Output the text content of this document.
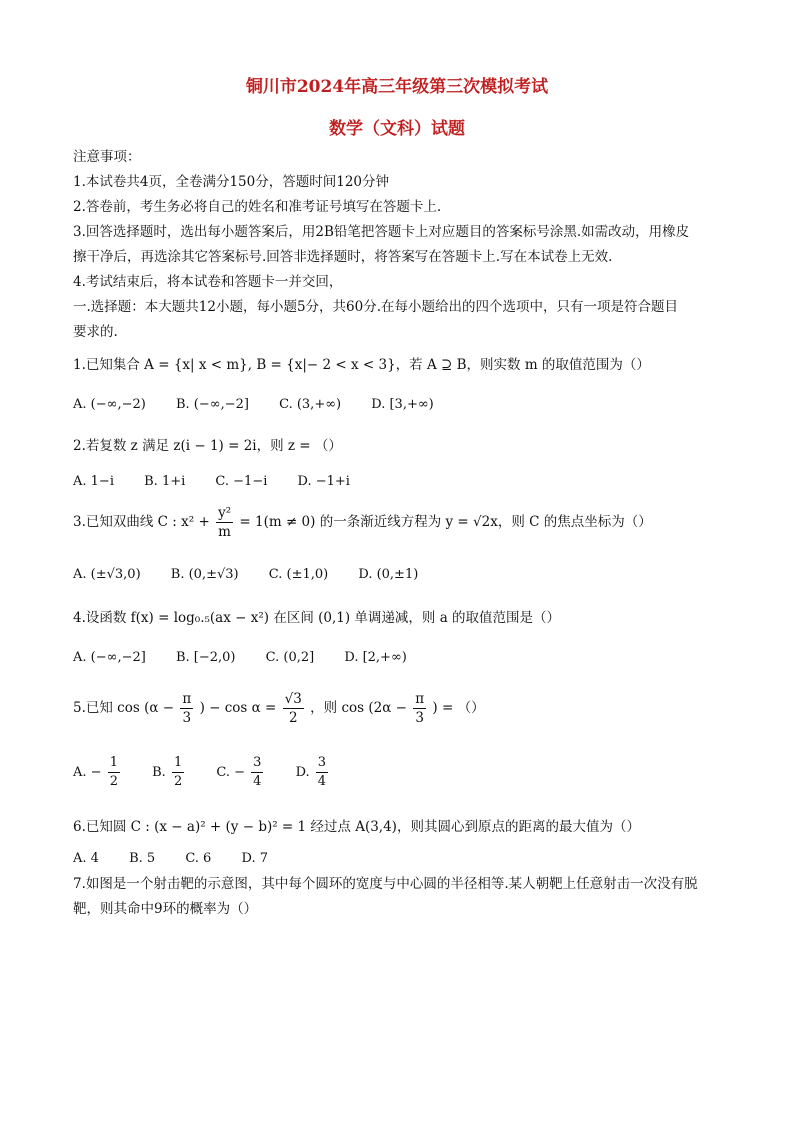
铜川市2024年高三年级第三次模拟考试
数学（文科）试题
注意事项：
1.本试卷共4页，全卷满分150分，答题时间120分钟
2.答卷前，考生务必将自己的姓名和准考证号填写在答题卡上.
3.回答选择题时，选出每小题答案后，用2B铅笔把答题卡上对应题目的答案标号涂黑.如需改动，用橡皮
擦干净后，再选涂其它答案标号.回答非选择题时，将答案写在答题卡上.写在本试卷上无效.
4.考试结束后，将本试卷和答题卡一并交回，
一.选择题：本大题共12小题，每小题5分，共60分.在每小题给出的四个选项中，只有一项是符合题目
要求的.
1.已知集合 A = {x| x < m}, B = {x|− 2 < x < 3}，若 A ⊇ B，则实数 m 的取值范围为（）
A. (−∞,−2) B. (−∞,−2] C. (3,+∞) D. [3,+∞)
2.若复数 z 满足 z(i − 1) = 2i，则 z = （）
A. 1−i B. 1+i C. −1−i D. −1+i
3.已知双曲线 C : $x^2 + \frac{\text{y²}}{m} = 1(m \ne 0)$ 的一条渐近线方程为 y = √2x，则 C 的焦点坐标为（）
A. (±√3,0) B. (0,±√3) C. (±1,0) D. (0,±1)
4.设函数 f(x) = log₀.₅(ax − x²) 在区间 (0,1) 单调递减，则 a 的取值范围是（）
A. (−∞,−2] B. [−2,0) C. (0,2] D. [2,+∞)
5.已知 $\cos (\alpha - \frac{\pi}{3}$ ) − $\cos \alpha = \frac{√3}{2}$ ，则 $\cos (2\alpha - \frac{\pi}{3}$ ) = （）
A. − $\frac{1}{2} B$. $\frac{1}{2} C$. − $\frac{3}{4} D$. $\frac{3}{4}$
6.已知圆 C : (x − a)² + (y − b)² = 1 经过点 A(3,4)，则其圆心到原点的距离的最大值为（）
A. 4 B. 5 C. 6 D. 7
7.如图是一个射击靶的示意图，其中每个圆环的宽度与中心圆的半径相等.某人朝靶上任意射击一次没有脱
靶，则其命中9环的概率为（）
